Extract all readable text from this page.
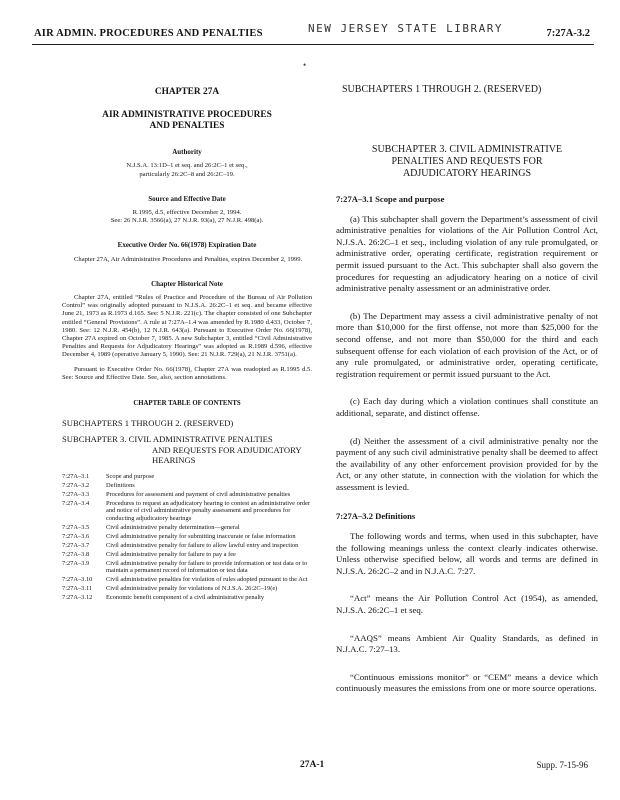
AIR ADMIN. PROCEDURES AND PENALTIES	NEW JERSEY STATE LIBRARY	7:27A-3.2
•
CHAPTER 27A
AIR ADMINISTRATIVE PROCEDURES
AND PENALTIES
Authority
N.J.S.A. 13:1D–1 et seq. and 26:2C–1 et seq.,
particularly 26:2C–8 and 26:2C–19.
Source and Effective Date
R.1995, d.5, effective December 2, 1994.
See: 26 N.J.R. 3566(a), 27 N.J.R. 93(a), 27 N.J.R. 498(a).
Executive Order No. 66(1978) Expiration Date

Chapter 27A, Air Administrative Procedures and Penalties, expires December 2, 1999.

Chapter Historical Note

Chapter 27A, entitled “Rules of Practice and Procedure of the Bureau of Air Pollution Control” was originally adopted pursuant to N.J.S.A. 26:2C–1 et seq. and became effective June 21, 1973 as R.1973 d.165. See: 5 N.J.R. 221(c). The chapter consisted of one Subchapter entitled “General Provisions”. A rule at 7:27A–1.4 was amended by R.1980 d.433, October 7, 1980. See: 12 N.J.R. 454(b), 12 N.J.R. 643(a). Pursuant to Executive Order No. 66(1978), Chapter 27A expired on October 7, 1985. A new Subchapter 3, entitled “Civil Administrative Penalties and Requests for Adjudicatory Hearings” was adopted as R.1989 d.596, effective December 4, 1989 (operative January 5, 1990). See: 21 N.J.R. 729(a), 21 N.J.R. 3751(a).

Pursuant to Executive Order No. 66(1978), Chapter 27A was readopted as R.1995 d.5. See: Source and Effective Date. See, also, section annotations.

CHAPTER TABLE OF CONTENTS
SUBCHAPTERS 1 THROUGH 2. (RESERVED)
SUBCHAPTER 3. CIVIL ADMINISTRATIVE PENALTIES
AND REQUESTS FOR ADJUDICATORY
HEARINGS
7:27A–3.1	Scope and purpose
7:27A–3.2	Definitions
7:27A–3.3	Procedures for assessment and payment of civil administrative penalties
7:27A–3.4	Procedures to request an adjudicatory hearing to contest an administrative order and notice of civil administrative penalty assessment and procedures for conducting adjudicatory hearings
7:27A–3.5	Civil administrative penalty determination—general
7:27A–3.6	Civil administrative penalty for submitting inaccurate or false information
7:27A–3.7	Civil administrative penalty for failure to allow lawful entry and inspection
7:27A–3.8	Civil administrative penalty for failure to pay a fee
7:27A–3.9	Civil administrative penalty for failure to provide information or test data or to maintain a permanent record of information or test data
7:27A–3.10	Civil administrative penalties for violation of rules adopted pursuant to the Act
7:27A–3.11	Civil administrative penalty for violations of N.J.S.A. 26:2C–19(e)
7:27A–3.12	Economic benefit component of a civil administrative penalty
SUBCHAPTERS 1 THROUGH 2. (RESERVED)
SUBCHAPTER 3. CIVIL ADMINISTRATIVE
PENALTIES AND REQUESTS FOR
ADJUDICATORY HEARINGS
7:27A–3.1 Scope and purpose

(a) This subchapter shall govern the Department’s assessment of civil administrative penalties for violations of the Air Pollution Control Act, N.J.S.A. 26:2C–1 et seq., including violation of any rule promulgated, or administrative order, operating certificate, registration requirement or permit issued pursuant to the Act. This subchapter shall also govern the procedures for requesting an adjudicatory hearing on a notice of civil administrative penalty assessment or an administrative order.

(b) The Department may assess a civil administrative penalty of not more than $10,000 for the first offense, not more than $25,000 for the second offense, and not more than $50,000 for the third and each subsequent offense for each violation of each provision of the Act, or of any rule promulgated, or administrative order, operating certificate, registration requirement or permit issued pursuant to the Act.

(c) Each day during which a violation continues shall constitute an additional, separate, and distinct offense.

(d) Neither the assessment of a civil administrative penalty nor the payment of any such civil administrative penalty shall be deemed to affect the availability of any other enforcement provision provided for by the Act, or any other statute, in connection with the violation for which the assessment is levied.

7:27A–3.2 Definitions

The following words and terms, when used in this subchapter, have the following meanings unless the context clearly indicates otherwise. Unless otherwise specified below, all words and terms are defined in N.J.S.A. 26:2C–2 and in N.J.A.C. 7:27.

“Act” means the Air Pollution Control Act (1954), as amended, N.J.S.A. 26:2C–1 et seq.

“AAQS” means Ambient Air Quality Standards, as defined in N.J.A.C. 7:27–13.

“Continuous emissions monitor” or “CEM” means a device which continuously measures the emissions from one or more source operations.

27A-1	Supp. 7-15-96
